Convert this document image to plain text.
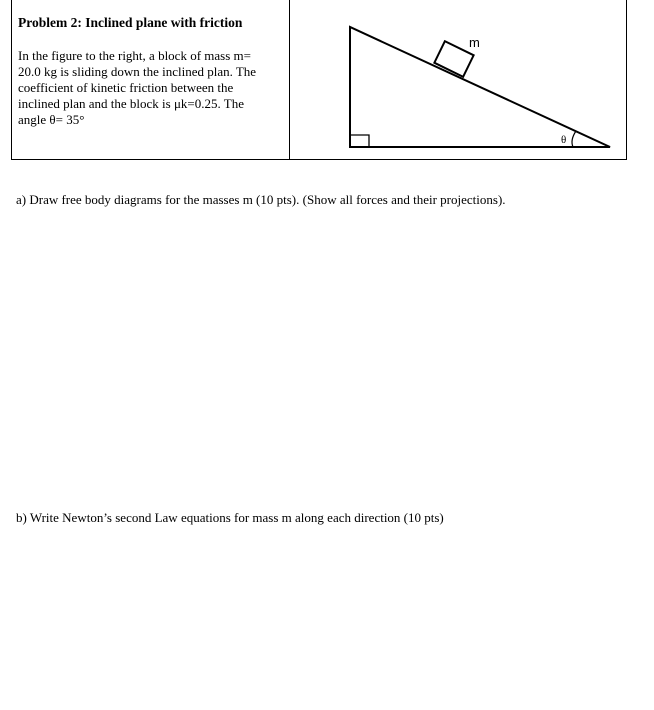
Problem 2: Inclined plane with friction
In the figure to the right, a block of mass m=
20.0 kg is sliding down the inclined plan. The
coefficient of kinetic friction between the
inclined plan and the block is μk=0.25. The
angle θ= 35°
m
θ
a) Draw free body diagrams for the masses m (10 pts). (Show all forces and their projections).
b) Write Newton’s second Law equations for mass m along each direction (10 pts)
